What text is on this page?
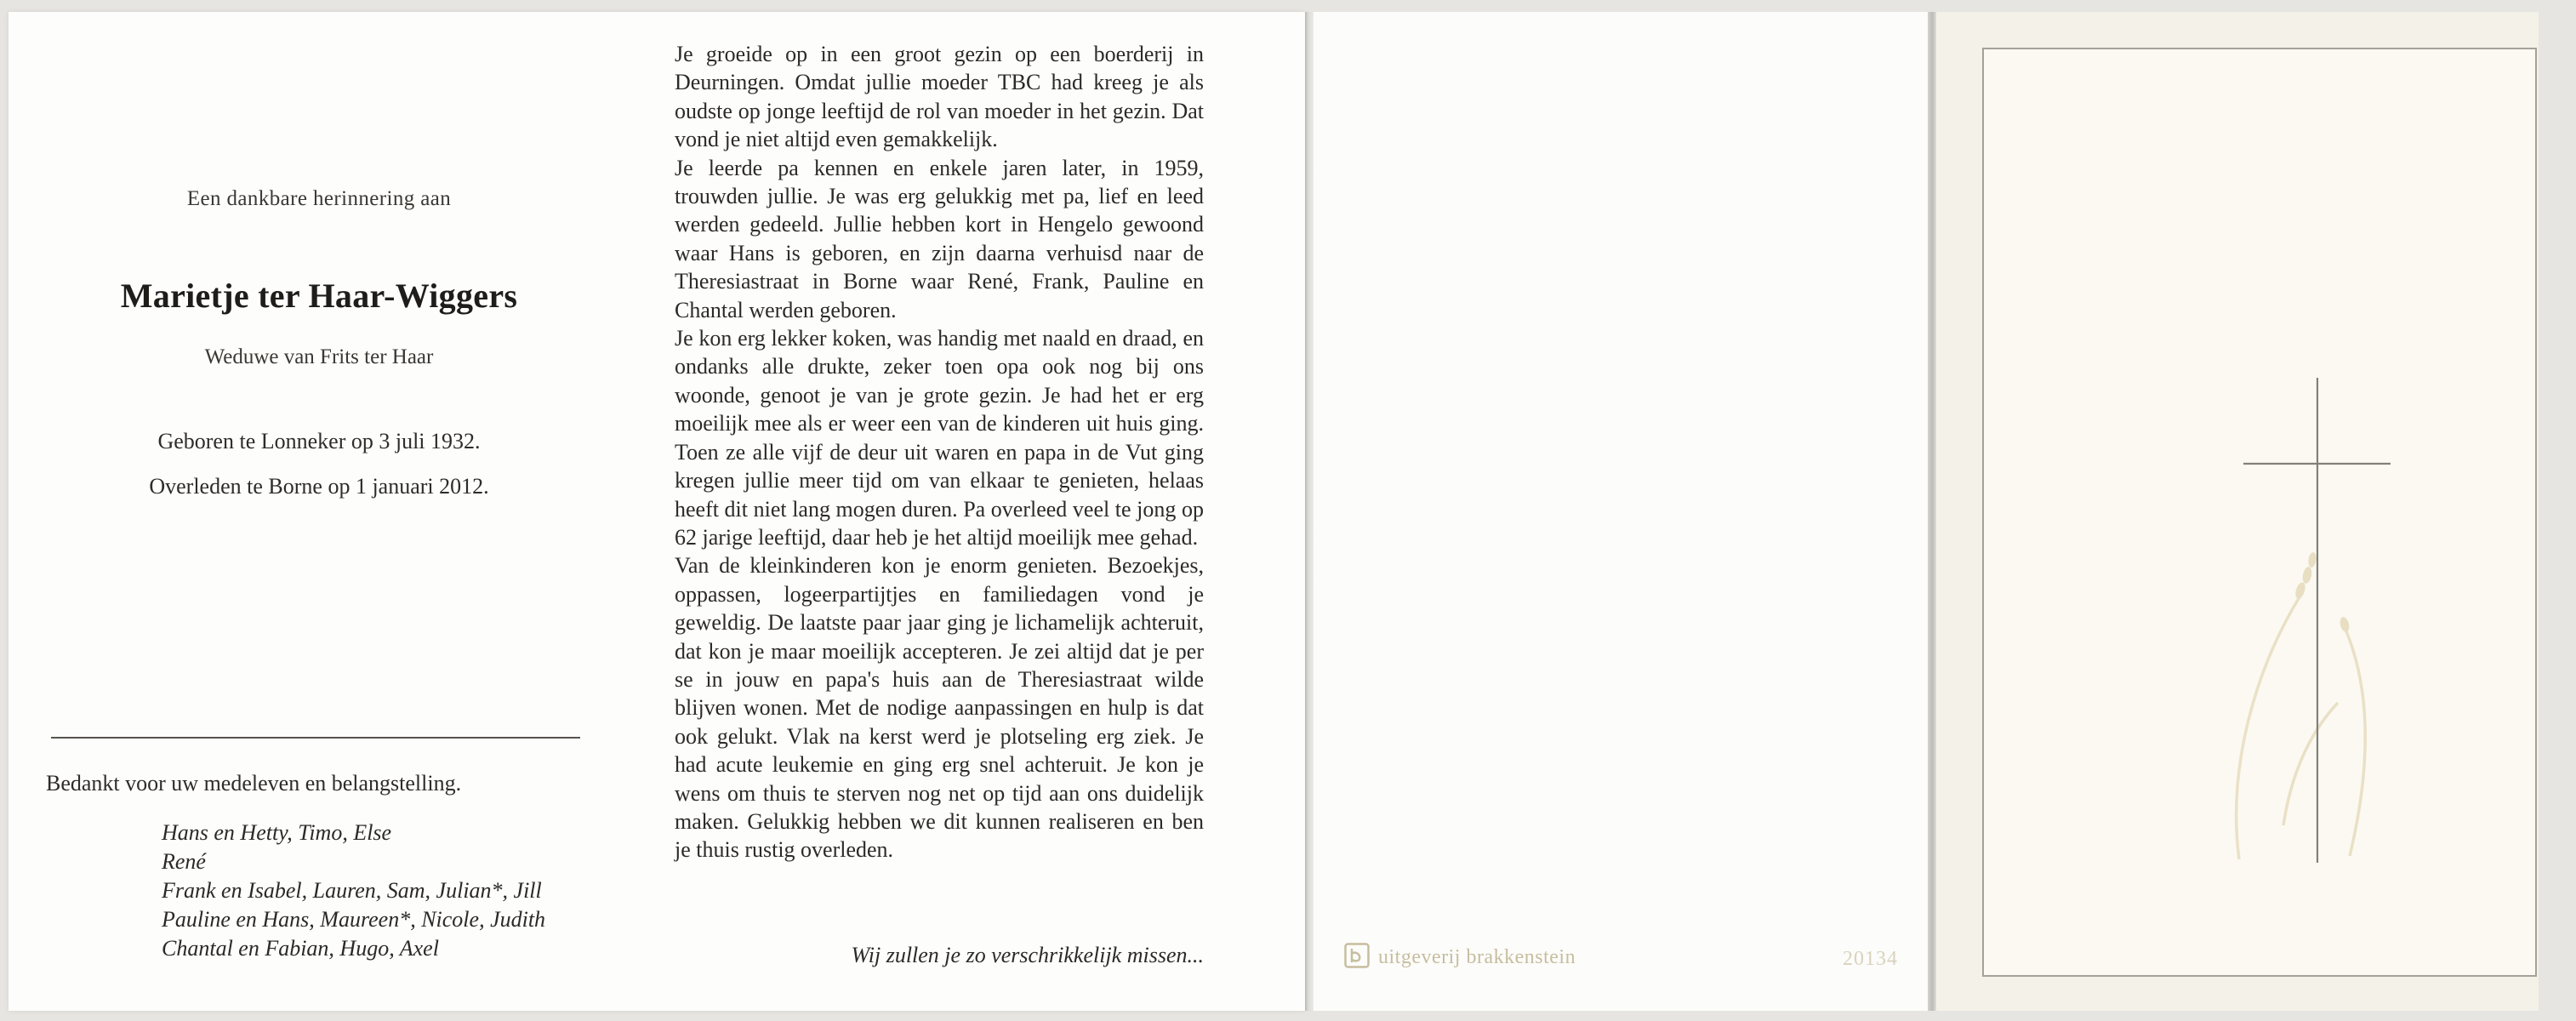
Een dankbare herinnering aan
Marietje ter Haar-Wiggers
Weduwe van Frits ter Haar
Geboren te Lonneker op 3 juli 1932.
Overleden te Borne op 1 januari 2012.
Bedankt voor uw medeleven en belangstelling.
Hans en Hetty, Timo, Else
René
Frank en Isabel, Lauren, Sam, Julian*, Jill
Pauline en Hans, Maureen*, Nicole, Judith
Chantal en Fabian, Hugo, Axel

Je groeide op in een groot gezin op een boerderij in Deurningen. Omdat jullie moeder TBC had kreeg je als oudste op jonge leeftijd de rol van moeder in het gezin. Dat vond je niet altijd even gemakkelijk.

Je leerde pa kennen en enkele jaren later, in 1959, trouwden jullie. Je was erg gelukkig met pa, lief en leed werden gedeeld. Jullie hebben kort in Hengelo gewoond waar Hans is geboren, en zijn daarna verhuisd naar de Theresiastraat in Borne waar René, Frank, Pauline en Chantal werden geboren.

Je kon erg lekker koken, was handig met naald en draad, en ondanks alle drukte, zeker toen opa ook nog bij ons woonde, genoot je van je grote gezin. Je had het er erg moeilijk mee als er weer een van de kinderen uit huis ging. Toen ze alle vijf de deur uit waren en papa in de Vut ging kregen jullie meer tijd om van elkaar te genieten, helaas heeft dit niet lang mogen duren. Pa overleed veel te jong op 62 jarige leeftijd, daar heb je het altijd moeilijk mee gehad.

Van de kleinkinderen kon je enorm genieten. Bezoekjes, oppassen, logeerpartijtjes en familiedagen vond je geweldig. De laatste paar jaar ging je lichamelijk achteruit, dat kon je maar moeilijk accepteren. Je zei altijd dat je per se in jouw en papa's huis aan de Theresiastraat wilde blijven wonen. Met de nodige aanpassingen en hulp is dat ook gelukt. Vlak na kerst werd je plotseling erg ziek. Je had acute leukemie en ging erg snel achteruit. Je kon je wens om thuis te sterven nog net op tijd aan ons duidelijk maken. Gelukkig hebben we dit kunnen realiseren en ben je thuis rustig overleden.

Wij zullen je zo verschrikkelijk missen...	uitgeverij brakkenstein	20134
